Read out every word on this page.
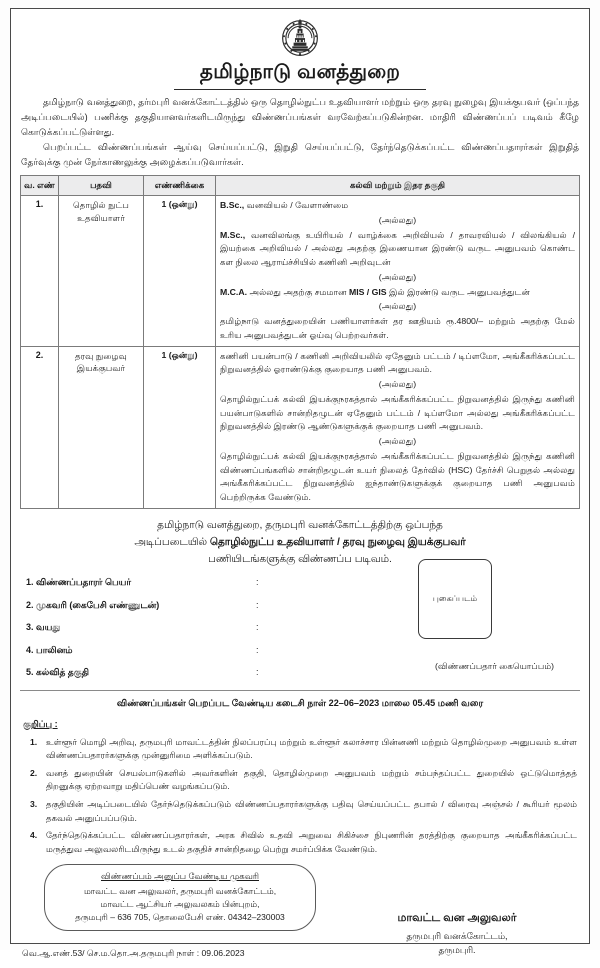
தமிழ்நாடு வனத்துறை

தமிழ்நாடு வனத்துறை, தர்மபுரி வனக்கோட்டத்தில் ஒரு தொழில்நுட்ப உதவியாளர் மற்றும் ஒரு தரவு நுழைவு இயக்குபவர் (ஒப்பந்த அடிப்படையில்) பணிக்கு தகுதியானவர்களிடமிருந்து விண்ணப்பங்கள் வரவேற்கப்படுகின்றன. மாதிரி விண்ணப்பப் படிவம் கீழே கொடுக்கப்பட்டுள்ளது.

பெறப்பட்ட விண்ணப்பங்கள் ஆய்வு செய்யப்பட்டு, இறுதி செய்யப்பட்டு, தேர்ந்தெடுக்கப்பட்ட விண்ணப்பதாரர்கள் இறுதித் தேர்வுக்கு முன் நேர்காணலுக்கு அழைக்கப்படுவார்கள்.

வ. எண்	பதவி	எண்ணிக்கை	கல்வி மற்றும் இதர தகுதி
1.	தொழில் நுட்ப உதவியாளர்	1 (ஒன்று)	B.Sc., வனவியல் / வேளாண்மை

(அல்லது)

M.Sc., வனவிலங்கு உயிரியல் / வாழ்க்கை அறிவியல் / தாவரவியல் / விலங்கியல் / இயற்கை அறிவியல் / அல்லது அதற்கு இணையான இரண்டு வருட அனுபவம் கொண்ட கள நிலை ஆராய்ச்சியில் கணினி அறிவுடன்

(அல்லது)

M.C.A. அல்லது அதற்கு சமமான MIS / GIS இல் இரண்டு வருட அனுபவத்துடன்

(அல்லது)

தமிழ்நாடு வனத்துறையின் பணியாளர்கள் தர ஊதியம் ரூ.4800/– மற்றும் அதற்கு மேல் உரிய அனுபவத்துடன் ஓய்வு பெற்றவர்கள்.

2.	தரவு நுழைவு இயக்குபவர்	1 (ஒன்று)	கணினி பயன்பாடு / கணினி அறிவியலில் ஏதேனும் பட்டம் / டிப்ளமோ, அங்கீகரிக்கப்பட்ட நிறுவனத்தில் ஓராண்டுக்கு குறையாத பணி அனுபவம்.

(அல்லது)

தொழில்நுட்பக் கல்வி இயக்குநரகத்தால் அங்கீகரிக்கப்பட்ட நிறுவனத்தில் இருந்து கணினி பயன்பாடுகளில் சான்றிதழுடன் ஏதேனும் பட்டம் / டிப்ளமோ அல்லது அங்கீகரிக்கப்பட்ட நிறுவனத்தில் இரண்டு ஆண்டுகளுக்குக் குறையாத பணி அனுபவம்.

(அல்லது)

தொழில்நுட்பக் கல்வி இயக்குநரகத்தால் அங்கீகரிக்கப்பட்ட நிறுவனத்தில் இருந்து கணினி விண்ணப்பங்களில் சான்றிதழுடன் உயர் நிலைத் தேர்வில் (HSC) தேர்ச்சி பெறுதல் அல்லது அங்கீகரிக்கப்பட்ட நிறுவனத்தில் ஐந்தாண்டுகளுக்குக் குறையாத பணி அனுபவம் பெற்றிருக்க வேண்டும்.

தமிழ்நாடு வனத்துறை, தருமபுரி வனக்கோட்டத்திற்கு ஒப்பந்த
அடிப்படையில் தொழில்நுட்ப உதவியாளர் / தரவு நுழைவு இயக்குபவர்
பணியிடங்களுக்கு விண்ணப்ப படிவம்.
1. விண்ணப்பதாரர் பெயர்	:
2. முகவரி (கைபேசி எண்ணுடன்)	:
3. வயது	:
4. பாலினம்	:
5. கல்வித் தகுதி	:
புகைப்படம்
(விண்ணப்பதார் கையொப்பம்)
விண்ணப்பங்கள் பெறப்பட வேண்டிய கடைசி நாள் 22–06–2023 மாலை 05.45 மணி வரை
குறிப்பு :
1.	உள்ளூர் மொழி அறிவு, தருமபுரி மாவட்டத்தின் நிலப்பரப்பு மற்றும் உள்ளூர் கலாச்சார பின்னணி மற்றும் தொழில்முறை அனுபவம் உள்ள விண்ணப்பதாரர்களுக்கு முன்னுரிமை அளிக்கப்படும்.
2.	வனத் துறையின் செயல்பாடுகளில் அவர்களின் தகுதி, தொழில்முறை அனுபவம் மற்றும் சம்பந்தப்பட்ட துறையில் ஒட்டுமொத்தத் திறனுக்கு ஏற்றவாறு மதிப்பெண் வழங்கப்படும்.
3.	தகுதியின் அடிப்படையில் தேர்ந்தெடுக்கப்படும் விண்ணப்பதாரர்களுக்கு பதிவு செய்யப்பட்ட தபால் / விரைவு அஞ்சல் / கூரியர் மூலம் தகவல் அனுப்பப்படும்.
4.	தேர்ந்தெடுக்கப்பட்ட விண்ணப்பதாரர்கள், அரக சிவில் உதவி அறுவை சிகிச்சை நிபுணரின் தரத்திற்கு குறையாத அங்கீகரிக்கப்பட்ட மருத்துவ அலுவலரிடமிருந்து உடல் தகுதிச் சான்றிதழை பெற்று சமர்ப்பிக்க வேண்டும்.
விண்ணப்பம் அனுப்ப வேண்டிய முகவரி
மாவட்ட வன அலுவலர், தருமபுரி வனக்கோட்டம்,
மாவட்ட ஆட்சியர் அலுவலகம் பின்புறம்,
தருமபுரி – 636 705, தொலைபேசி எண். 04342–230003	மாவட்ட வன அலுவலர்
தருமபுரி வனக்கோட்டம்,
தருமபுரி.
வெ.ஆ.எண்.53/ செ.ம.தொ.அ.தருமபுரி நாள் : 09.06.2023
